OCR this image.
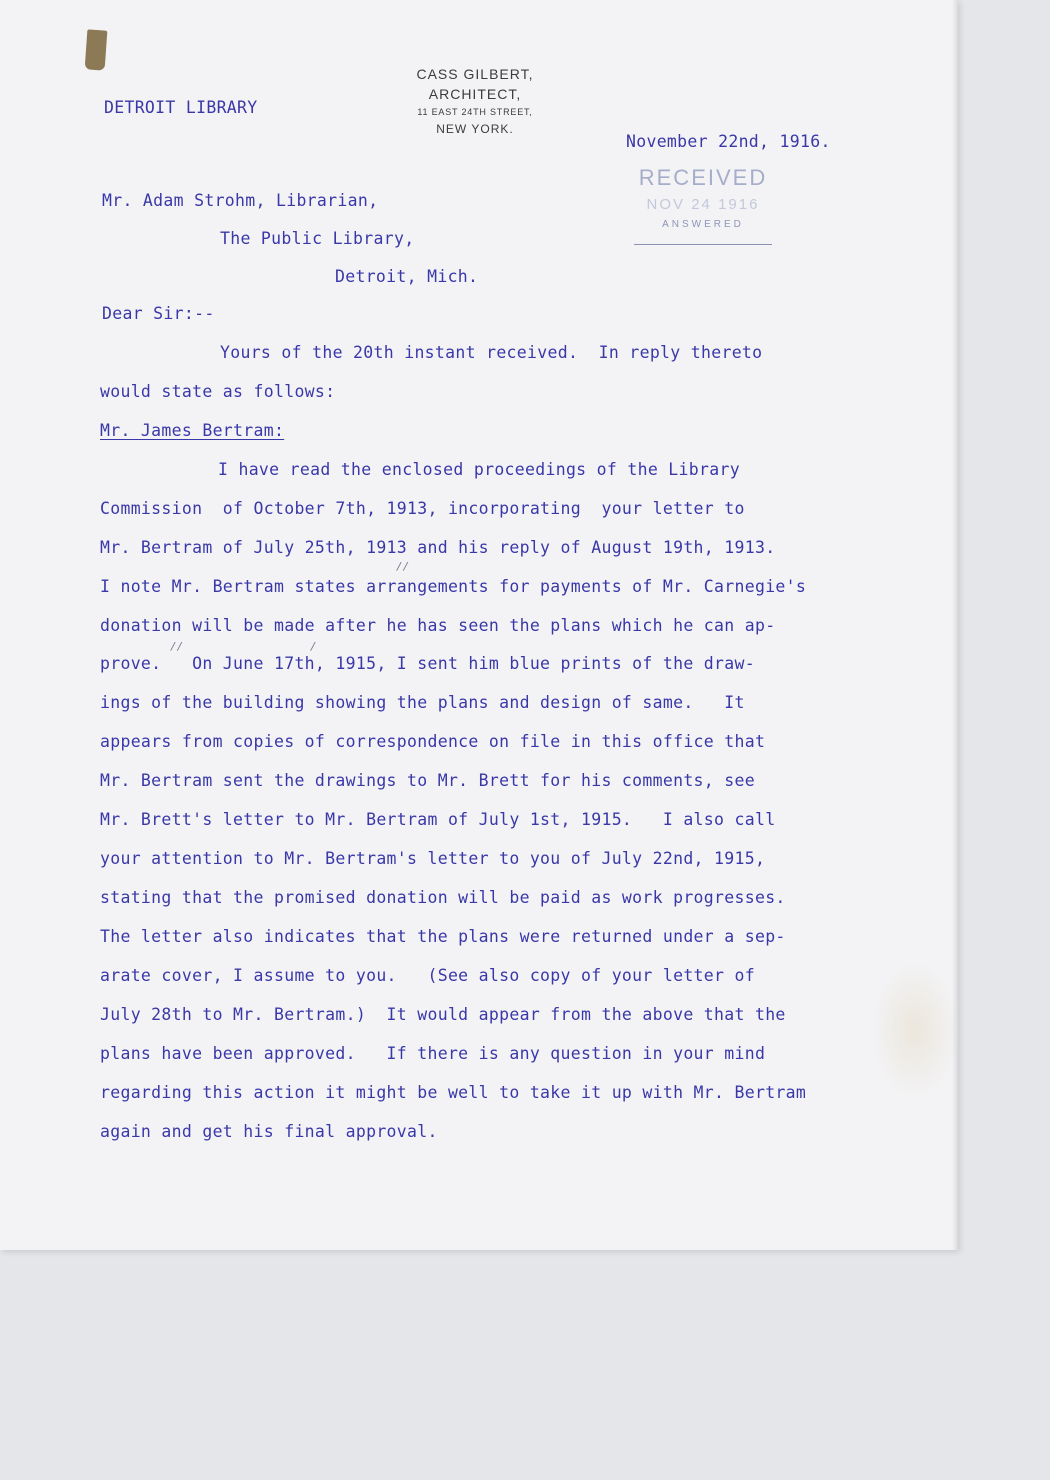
CASS GILBERT,
ARCHITECT,
11 EAST 24TH STREET,
NEW YORK.
DETROIT LIBRARY
November 22nd, 1916.
RECEIVED
NOV 24 1916
ANSWERED
Mr. Adam Strohm, Librarian,
The Public Library,
Detroit, Mich.
Dear Sir:--
Yours of the 20th instant received.  In reply thereto
would state as follows:
Mr. James Bertram:
I have read the enclosed proceedings of the Library
Commission  of October 7th, 1913, incorporating  your letter to
Mr. Bertram of July 25th, 1913 and his reply of August 19th, 1913.
I note Mr. Bertram states arrangements for payments of Mr. Carnegie's
donation will be made after he has seen the plans which he can ap-
prove.   On June 17th, 1915, I sent him blue prints of the draw-
ings of the building showing the plans and design of same.   It
appears from copies of correspondence on file in this office that
Mr. Bertram sent the drawings to Mr. Brett for his comments, see
Mr. Brett's letter to Mr. Bertram of July 1st, 1915.   I also call
your attention to Mr. Bertram's letter to you of July 22nd, 1915,
stating that the promised donation will be paid as work progresses.
The letter also indicates that the plans were returned under a sep-
arate cover, I assume to you.   (See also copy of your letter of
July 28th to Mr. Bertram.)  It would appear from the above that the
plans have been approved.   If there is any question in your mind
regarding this action it might be well to take it up with Mr. Bertram
again and get his final approval.
//
//	/
